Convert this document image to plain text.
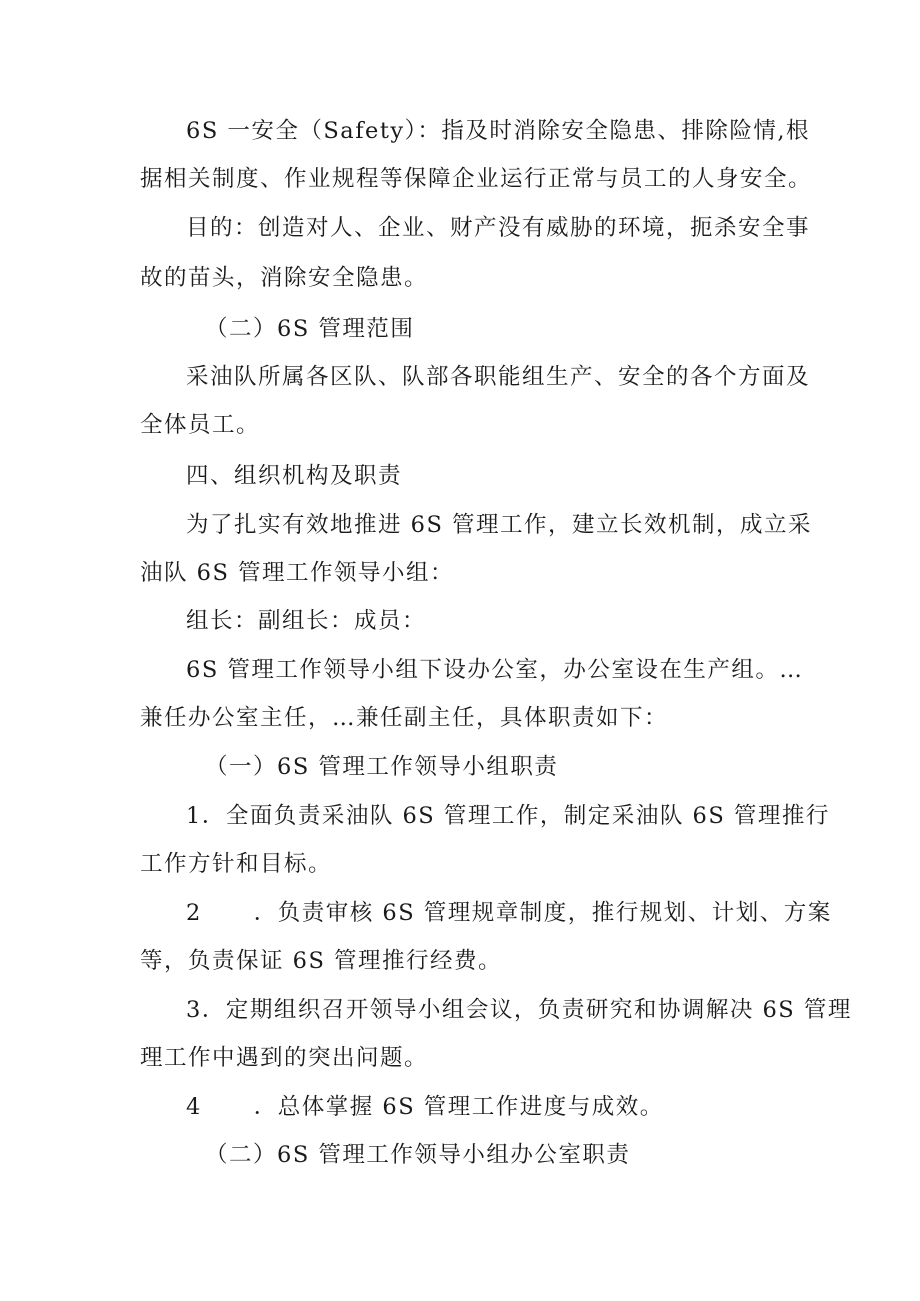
6S 一安全（Safety）：指及时消除安全隐患、排除险情,根
据相关制度、作业规程等保障企业运行正常与员工的人身安全。
目的：创造对人、企业、财产没有威胁的环境，扼杀安全事
故的苗头，消除安全隐患。
（二）6S 管理范围
采油队所属各区队、队部各职能组生产、安全的各个方面及
全体员工。
四、组织机构及职责
为了扎实有效地推进 6S 管理工作，建立长效机制，成立采
油队 6S 管理工作领导小组：
组长：副组长：成员：
6S 管理工作领导小组下设办公室，办公室设在生产组。…
兼任办公室主任，…兼任副主任，具体职责如下：
（一）6S 管理工作领导小组职责
1．全面负责采油队 6S 管理工作，制定采油队 6S 管理推行
工作方针和目标。
2      ．负责审核 6S 管理规章制度，推行规划、计划、方案
等，负责保证 6S 管理推行经费。
3．定期组织召开领导小组会议，负责研究和协调解决 6S 管理
理工作中遇到的突出问题。
4      ．总体掌握 6S 管理工作进度与成效。
（二）6S 管理工作领导小组办公室职责
